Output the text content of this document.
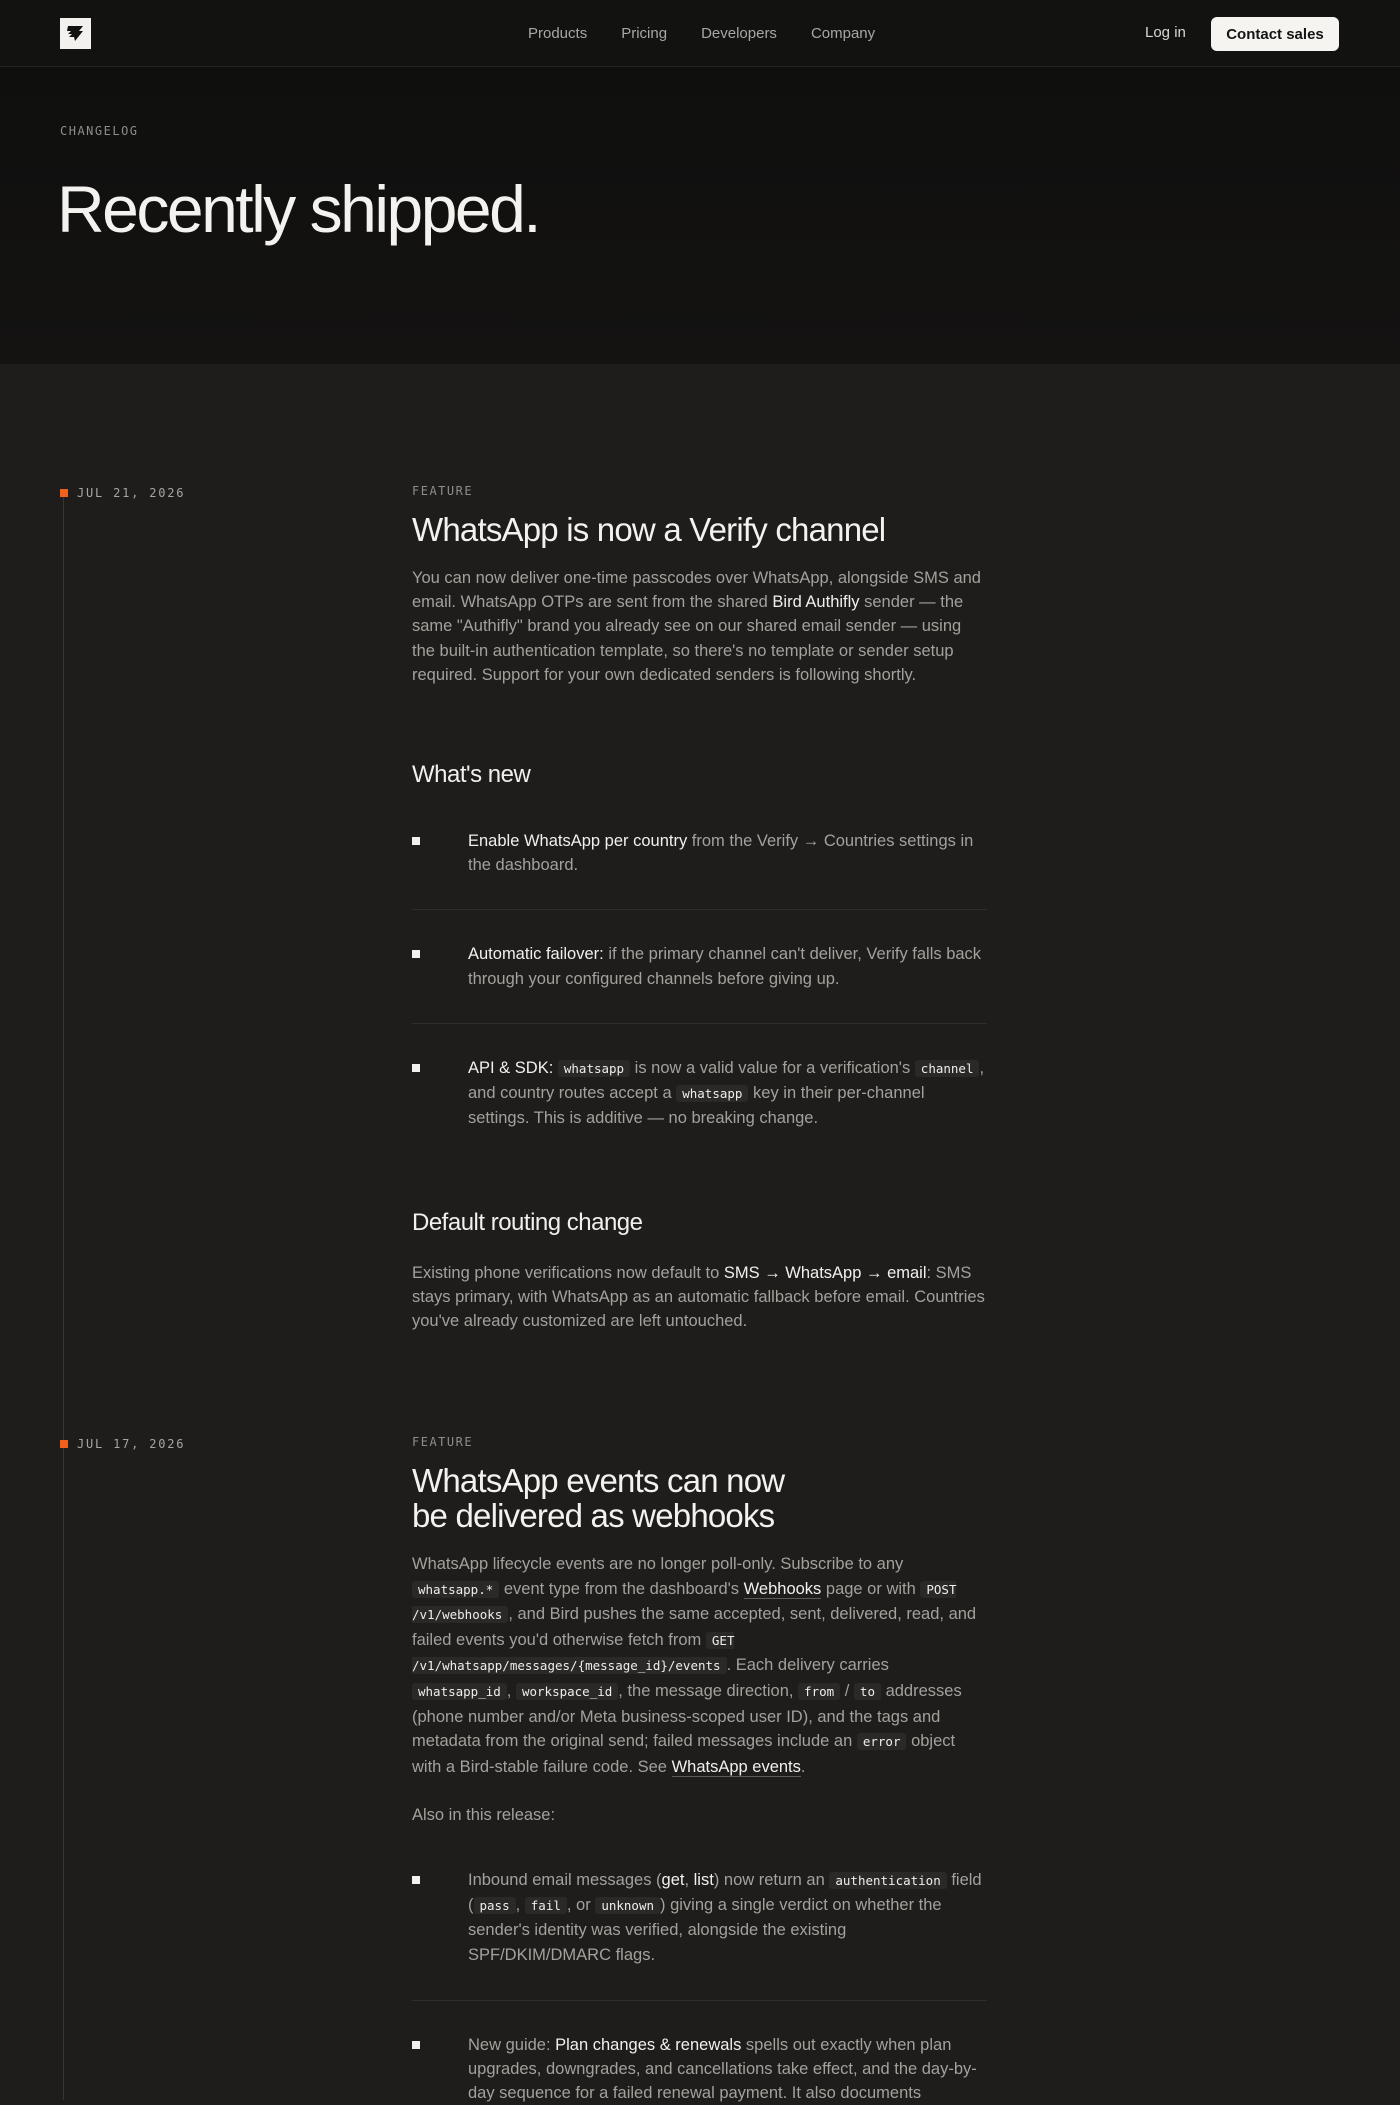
Products Pricing Developers Company	Log in	Contact sales
CHANGELOG
Recently shipped.
JUL 21, 2026	FEATURE
WhatsApp is now a Verify channel

You can now deliver one-time passcodes over WhatsApp, alongside SMS and email. WhatsApp OTPs are sent from the shared Bird Authifly sender — the same "Authifly" brand you already see on our shared email sender — using the built-in authentication template, so there's no template or sender setup required. Support for your own dedicated senders is following shortly.

What's new

Enable WhatsApp per country from the Verify → Countries settings in the dashboard.

Automatic failover: if the primary channel can't deliver, Verify falls back through your configured channels before giving up.

API & SDK: whatsapp is now a valid value for a verification's channel , and country routes accept a whatsapp key in their per-channel settings. This is additive — no breaking change.

Default routing change

Existing phone verifications now default to SMS → WhatsApp → email: SMS stays primary, with WhatsApp as an automatic fallback before email. Countries you've already customized are left untouched.

JUL 17, 2026	FEATURE
WhatsApp events can now
be delivered as webhooks

WhatsApp lifecycle events are no longer poll-only. Subscribe to any whatsapp.* event type from the dashboard's Webhooks page or with POST /v1/webhooks , and Bird pushes the same accepted, sent, delivered, read, and failed events you'd otherwise fetch from GET /v1/whatsapp/messages/{message_id}/events . Each delivery carries whatsapp_id , workspace_id , the message direction, from / to addresses (phone number and/or Meta business-scoped user ID), and the tags and metadata from the original send; failed messages include an error object with a Bird-stable failure code. See WhatsApp events.

Also in this release:

Inbound email messages (get, list) now return an authentication field ( pass , fail , or unknown ) giving a single verdict on whether the sender's identity was verified, alongside the existing SPF/DKIM/DMARC flags.

New guide: Plan changes & renewals spells out exactly when plan upgrades, downgrades, and cancellations take effect, and the day-by-day sequence for a failed renewal payment. It also documents
